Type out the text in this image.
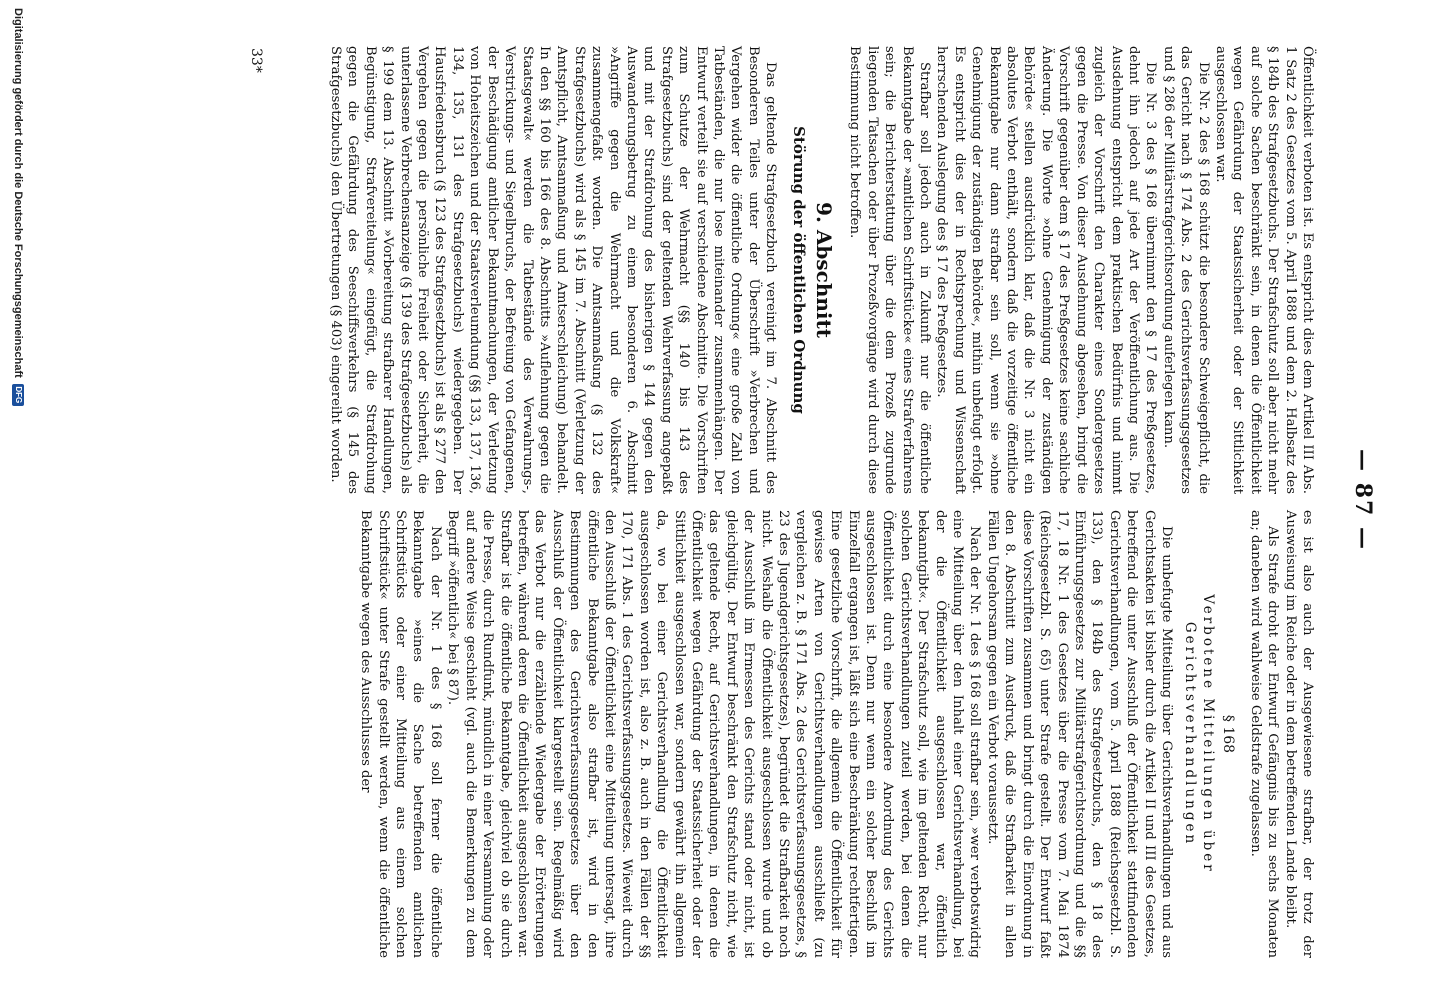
— 87 —

Öffentlichkeit verboten ist. Es entspricht dies dem Artikel III Abs. 1 Satz 2 des Gesetzes vom 5. April 1888 und dem 2. Halbsatz des § 184b des Strafgesetzbuchs. Der Strafschutz soll aber nicht mehr auf solche Sachen beschränkt sein, in denen die Öffentlichkeit wegen Gefährdung der Staatssicherheit oder der Sittlichkeit ausgeschlossen war.

Die Nr. 2 des § 168 schützt die besondere Schweigepflicht, die das Gericht nach § 174 Abs. 2 des Gerichtsverfassungsgesetzes und § 286 der Militärstrafgerichtsordnung auferlegen kann.

Die Nr. 3 des § 168 übernimmt den § 17 des Preßgesetzes, dehnt ihn jedoch auf jede Art der Veröffentlichung aus. Die Ausdehnung entspricht dem praktischen Bedürfnis und nimmt zugleich der Vorschrift den Charakter eines Sondergesetzes gegen die Presse. Von dieser Ausdehnung abgesehen, bringt die Vorschrift gegenüber dem § 17 des Preßgesetzes keine sachliche Änderung. Die Worte »ohne Genehmigung der zuständigen Behörde« stellen ausdrücklich klar, daß die Nr. 3 nicht ein absolutes Verbot enthält, sondern daß die vorzeitige öffentliche Bekanntgabe nur dann strafbar sein soll, wenn sie »ohne Genehmigung der zuständigen Behörde«, mithin unbefugt erfolgt. Es entspricht dies der in Rechtsprechung und Wissenschaft herrschenden Auslegung des § 17 des Preßgesetzes.

Strafbar soll jedoch auch in Zukunft nur die öffentliche Bekanntgabe der »amtlichen Schriftstücke« eines Strafverfahrens sein; die Berichterstattung über die dem Prozeß zugrunde liegenden Tatsachen oder über Prozeßvorgänge wird durch diese Bestimmung nicht betroffen.

9. Abschnitt
Störung der öffentlichen Ordnung

Das geltende Strafgesetzbuch vereinigt im 7. Abschnitt des Besonderen Teiles unter der Überschrift »Verbrechen und Vergehen wider die öffentliche Ordnung« eine große Zahl von Tatbeständen, die nur lose miteinander zusammenhängen. Der Entwurf verteilt sie auf verschiedene Abschnitte. Die Vorschriften zum Schutze der Wehrmacht (§§ 140 bis 143 des Strafgesetzbuchs) sind der geltenden Wehrverfassung angepaßt und mit der Strafdrohung des bisherigen § 144 gegen den Auswanderungsbetrug zu einem besonderen 6. Abschnitt »Angriffe gegen die Wehrmacht und die Volkskraft« zusammengefaßt worden. Die Amtsanmaßung (§ 132 des Strafgesetzbuchs) wird als § 145 im 7. Abschnitt (Verletzung der Amtspflicht, Amtsanmaßung und Amtserschleichung) behandelt. In den §§ 160 bis 166 des 8. Abschnitts »Auflehnung gegen die Staatsgewalt« werden die Tatbestände des Verwahrungs-, Verstrickungs- und Siegelbruchs, der Befreiung von Gefangenen, der Beschädigung amtlicher Bekanntmachungen, der Verletzung von Hoheitszeichen und der Staatsverleumdung (§§ 133, 137, 136, 134, 135, 131 des Strafgesetzbuchs) wiedergegeben. Der Hausfriedensbruch (§ 123 des Strafgesetzbuchs) ist als § 277 den Vergehen gegen die persönliche Freiheit oder Sicherheit, die unterlassene Verbrechensanzeige (§ 139 des Strafgesetzbuchs) als § 199 dem 13. Abschnitt »Vorbereitung strafbarer Handlungen, Begünstigung, Strafvereitelung« eingefügt, die Strafdrohung gegen die Gefährdung des Seeschiffsverkehrs (§ 145 des Strafgesetzbuchs) den Übertretungen (§ 403) eingereiht worden.

es ist also auch der Ausgewiesene strafbar, der trotz der Ausweisung im Reiche oder in dem betreffenden Lande bleibt.

Als Strafe droht der Entwurf Gefängnis bis zu sechs Monaten an; daneben wird wahlweise Geldstrafe zugelassen.

§ 168
Verbotene Mitteilungen über Gerichtsverhandlungen

Die unbefugte Mitteilung über Gerichtsverhandlungen und aus Gerichtsakten ist bisher durch die Artikel II und III des Gesetzes, betreffend die unter Ausschluß der Öffentlichkeit stattfindenden Gerichtsverhandlungen, vom 5. April 1888 (Reichsgesetzbl. S. 133), den § 184b des Strafgesetzbuchs, den § 18 des Einführungsgesetzes zur Militärstrafgerichtsordnung und die §§ 17, 18 Nr. 1 des Gesetzes über die Presse vom 7. Mai 1874 (Reichsgesetzbl. S. 65) unter Strafe gestellt. Der Entwurf faßt diese Vorschriften zusammen und bringt durch die Einordnung in den 8. Abschnitt zum Ausdruck, daß die Strafbarkeit in allen Fällen Ungehorsam gegen ein Verbot voraussetzt.

Nach der Nr. 1 des § 168 soll strafbar sein, »wer verbotswidrig eine Mitteilung über den Inhalt einer Gerichtsverhandlung, bei der die Öffentlichkeit ausgeschlossen war, öffentlich bekanntgibt«. Der Strafschutz soll, wie im geltenden Recht, nur solchen Gerichtsverhandlungen zuteil werden, bei denen die Öffentlichkeit durch eine besondere Anordnung des Gerichts ausgeschlossen ist. Denn nur wenn ein solcher Beschluß im Einzelfall ergangen ist, läßt sich eine Beschränkung rechtfertigen. Eine gesetzliche Vorschrift, die allgemein die Öffentlichkeit für gewisse Arten von Gerichtsverhandlungen ausschließt (zu vergleichen z. B. § 171 Abs. 2 des Gerichtsverfassungsgesetzes, § 23 des Jugendgerichtsgesetzes), begründet die Strafbarkeit noch nicht. Weshalb die Öffentlichkeit ausgeschlossen wurde und ob der Ausschluß im Ermessen des Gerichts stand oder nicht, ist gleichgültig. Der Entwurf beschränkt den Strafschutz nicht, wie das geltende Recht, auf Gerichtsverhandlungen, in denen die Öffentlichkeit wegen Gefährdung der Staatssicherheit oder der Sittlichkeit ausgeschlossen war, sondern gewährt ihn allgemein da, wo bei einer Gerichtsverhandlung die Öffentlichkeit ausgeschlossen worden ist, also z. B. auch in den Fällen der §§ 170, 171 Abs. 1 des Gerichtsverfassungsgesetzes. Wieweit durch den Ausschluß der Öffentlichkeit eine Mitteilung untersagt, ihre öffentliche Bekanntgabe also strafbar ist, wird in den Bestimmungen des Gerichtsverfassungsgesetzes über den Ausschluß der Öffentlichkeit klargestellt sein. Regelmäßig wird das Verbot nur die erzählende Wiedergabe der Erörterungen betreffen, während deren die Öffentlichkeit ausgeschlossen war. Strafbar ist die öffentliche Bekanntgabe, gleichviel ob sie durch die Presse, durch Rundfunk, mündlich in einer Versammlung oder auf andere Weise geschieht (vgl. auch die Bemerkungen zu dem Begriff »öffentlich« bei § 87).

Nach der Nr. 1 des § 168 soll ferner die öffentliche Bekanntgabe »eines die Sache betreffenden amtlichen Schriftstücks oder einer Mitteilung aus einem solchen Schriftstück« unter Strafe gestellt werden, wenn die öffentliche Bekanntgabe wegen des Ausschlusses der

33*
Digitalisierung gefördert durch die Deutsche Forschungsgemeinschaft
DFG
